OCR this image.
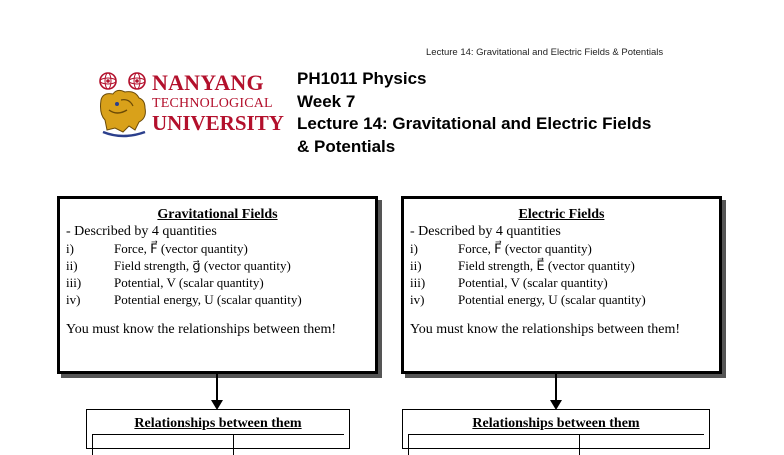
Lecture 14: Gravitational and Electric Fields & Potentials
NANYANG
TECHNOLOGICAL
UNIVERSITY
PH1011 Physics
Week 7
Lecture 14: Gravitational and Electric Fields
& Potentials
Gravitational Fields
- Described by 4 quantities
i)	Force, F⃗ (vector quantity)
ii)	Field strength, g⃗ (vector quantity)
iii)	Potential, V (scalar quantity)
iv)	Potential energy, U (scalar quantity)
You must know the relationships between them!
Electric Fields
- Described by 4 quantities
i)	Force, F⃗ (vector quantity)
ii)	Field strength, E⃗ (vector quantity)
iii)	Potential, V (scalar quantity)
iv)	Potential energy, U (scalar quantity)
You must know the relationships between them!
Relationships between them	Relationships between them
